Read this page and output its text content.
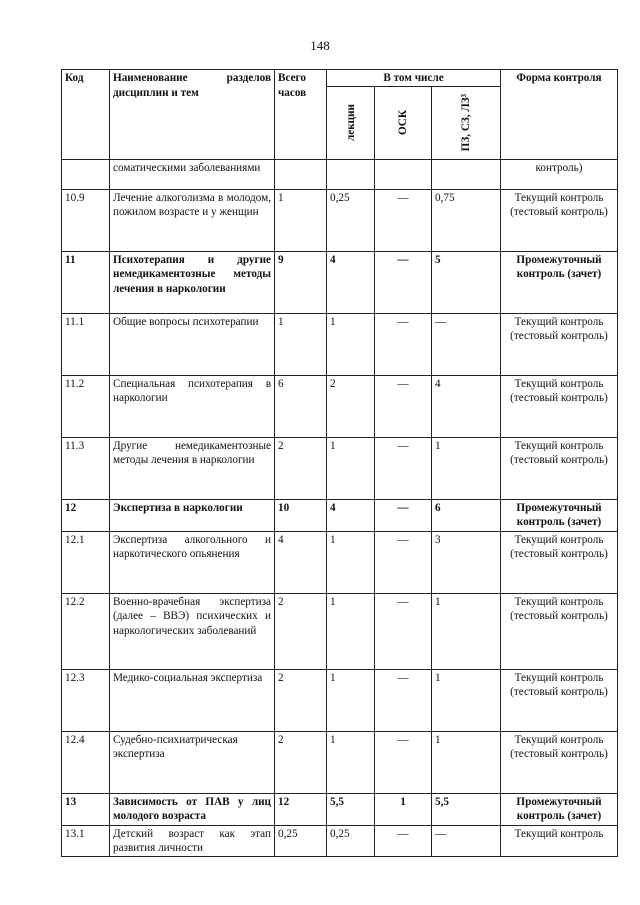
148
Код	Наименование разделов дисциплин и тем	Всего часов	В том числе			Форма контроля

			лекции	ОСК	ПЗ, СЗ, ЛЗ³	

	соматическими заболеваниями					контроль)
10.9	Лечение алкоголизма в молодом, пожилом возрасте и у женщин	1	0,25	—	0,75	Текущий контроль (тестовый контроль)
11	Психотерапия и другие немедикаментозные методы лечения в наркологии	9	4	—	5	Промежуточный контроль (зачет)
11.1	Общие вопросы психотерапии	1	1	—	—	Текущий контроль (тестовый контроль)
11.2	Специальная психотерапия в наркологии	6	2	—	4	Текущий контроль (тестовый контроль)
11.3	Другие немедикаментозные методы лечения в наркологии	2	1	—	1	Текущий контроль (тестовый контроль)
12	Экспертиза в наркологии	10	4	—	6	Промежуточный контроль (зачет)
12.1	Экспертиза алкогольного и наркотического опьянения	4	1	—	3	Текущий контроль (тестовый контроль)
12.2	Военно-врачебная экспертиза (далее – ВВЭ) психических и наркологических заболеваний	2	1	—	1	Текущий контроль (тестовый контроль)
12.3	Медико-социальная экспертиза	2	1	—	1	Текущий контроль (тестовый контроль)
12.4	Судебно-психиатрическая экспертиза	2	1	—	1	Текущий контроль (тестовый контроль)
13	Зависимость от ПАВ у лиц молодого возраста	12	5,5	1	5,5	Промежуточный контроль (зачет)
13.1	Детский возраст как этап развития личности	0,25	0,25	—	—	Текущий контроль
